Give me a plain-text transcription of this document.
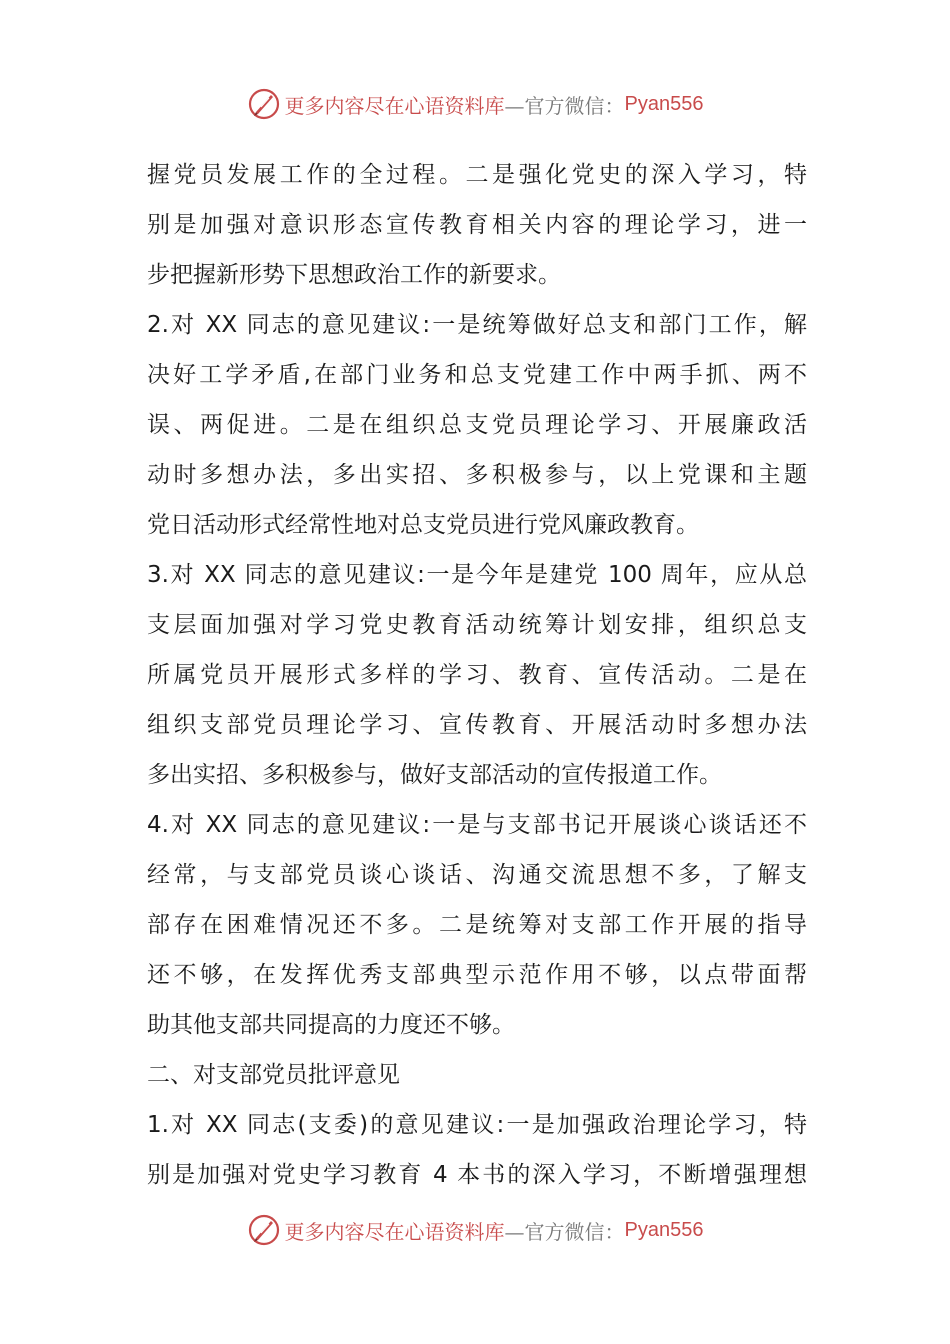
更多内容尽在心语资料库 —官方微信： Pyan556
握党员发展工作的全过程。二是强化党史的深入学习，特
别是加强对意识形态宣传教育相关内容的理论学习，进一
步把握新形势下思想政治工作的新要求。
2.对 XX 同志的意见建议:一是统筹做好总支和部门工作，解
决好工学矛盾,在部门业务和总支党建工作中两手抓、两不
误、两促进。二是在组织总支党员理论学习、开展廉政活
动时多想办法，多出实招、多积极参与，以上党课和主题
党日活动形式经常性地对总支党员进行党风廉政教育。
3.对 XX 同志的意见建议:一是今年是建党 100 周年，应从总
支层面加强对学习党史教育活动统筹计划安排，组织总支
所属党员开展形式多样的学习、教育、宣传活动。二是在
组织支部党员理论学习、宣传教育、开展活动时多想办法
多出实招、多积极参与，做好支部活动的宣传报道工作。
4.对 XX 同志的意见建议:一是与支部书记开展谈心谈话还不
经常，与支部党员谈心谈话、沟通交流思想不多，了解支
部存在困难情况还不多。二是统筹对支部工作开展的指导
还不够，在发挥优秀支部典型示范作用不够，以点带面帮
助其他支部共同提高的力度还不够。
二、对支部党员批评意见
1.对 XX 同志(支委)的意见建议:一是加强政治理论学习，特
别是加强对党史学习教育 4 本书的深入学习，不断增强理想
更多内容尽在心语资料库 —官方微信： Pyan556
